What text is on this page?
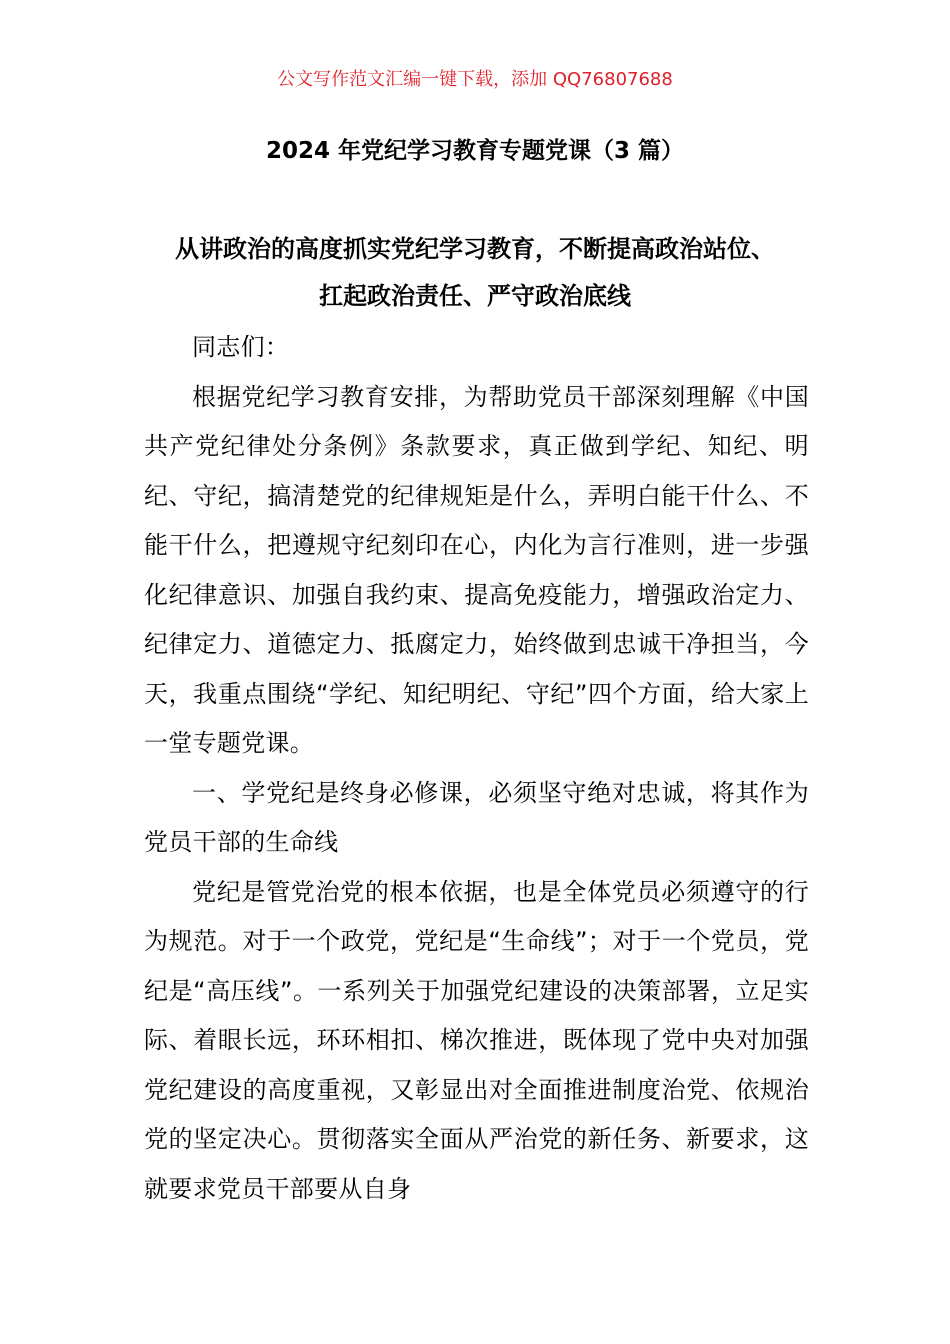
公文写作范文汇编一键下载，添加 QQ76807688
2024 年党纪学习教育专题党课（3 篇）
从讲政治的高度抓实党纪学习教育，不断提高政治站位、
扛起政治责任、严守政治底线

同志们：

根据党纪学习教育安排，为帮助党员干部深刻理解《中国共产党纪律处分条例》条款要求，真正做到学纪、知纪、明纪、守纪，搞清楚党的纪律规矩是什么，弄明白能干什么、不能干什么，把遵规守纪刻印在心，内化为言行准则，进一步强化纪律意识、加强自我约束、提高免疫能力，增强政治定力、纪律定力、道德定力、抵腐定力，始终做到忠诚干净担当，今天，我重点围绕“学纪、知纪明纪、守纪”四个方面，给大家上一堂专题党课。

一、学党纪是终身必修课，必须坚守绝对忠诚，将其作为党员干部的生命线

党纪是管党治党的根本依据，也是全体党员必须遵守的行为规范。对于一个政党，党纪是“生命线”；对于一个党员，党纪是“高压线”。一系列关于加强党纪建设的决策部署，立足实际、着眼长远，环环相扣、梯次推进，既体现了党中央对加强党纪建设的高度重视，又彰显出对全面推进制度治党、依规治党的坚定决心。贯彻落实全面从严治党的新任务、新要求，这就要求党员干部要从自身
